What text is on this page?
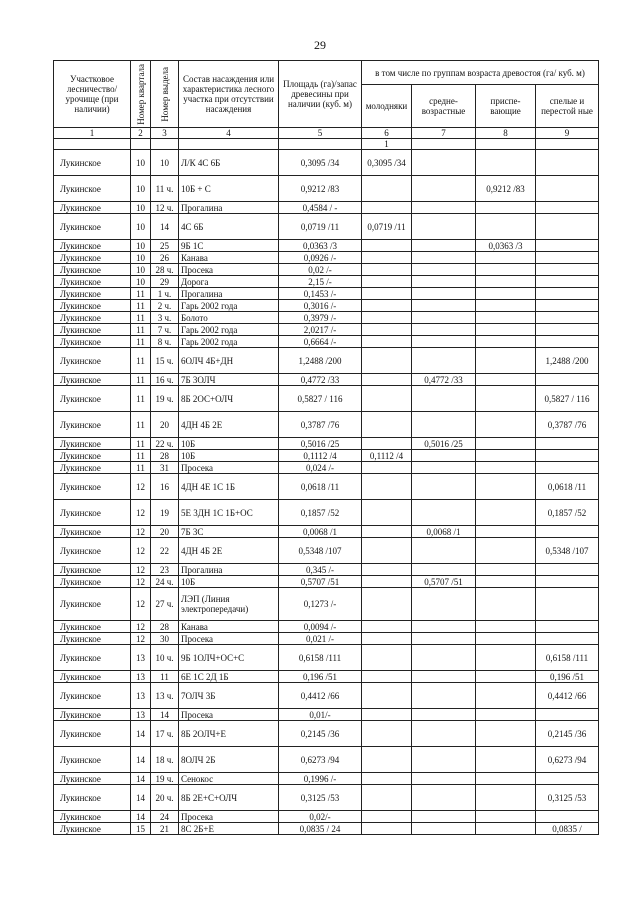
29
Участковое лесничество/ урочище (при наличии)	Номер квартала	Номер выдела	Состав насаждения или характеристика лесного участка при отсутствии насаждения	Площадь (га)/запас древесины при наличии (куб. м)	в том числе по группам возраста древостоя (га/ куб. м)			
					молодняки	средне-возрастные	приспе-вающие	спелые и перестой ные
1	2	3	4	5	6	7	8	9
					1			
Лукинское	10	10	Л/К 4С 6Б	0,3095 /34	0,3095 /34			
Лукинское	10	11 ч.	10Б + С	0,9212 /83			0,9212 /83	
Лукинское	10	12 ч.	Прогалина	0,4584 / -				
Лукинское	10	14	4С 6Б	0,0719 /11	0,0719 /11			
Лукинское	10	25	9Б 1С	0,0363 /3			0,0363 /3	
Лукинское	10	26	Канава	0,0926 /-				
Лукинское	10	28 ч.	Просека	0,02 /-				
Лукинское	10	29	Дорога	2,15 /-				
Лукинское	11	1 ч.	Прогалина	0,1453 /-				
Лукинское	11	2 ч.	Гарь 2002 года	0,3016 /-				
Лукинское	11	3 ч.	Болото	0,3979 /-				
Лукинское	11	7 ч.	Гарь 2002 года	2,0217 /-				
Лукинское	11	8 ч.	Гарь 2002 года	0,6664 /-				
Лукинское	11	15 ч.	6ОЛЧ 4Б+ДН	1,2488 /200				1,2488 /200
Лукинское	11	16 ч.	7Б 3ОЛЧ	0,4772 /33		0,4772 /33		
Лукинское	11	19 ч.	8Б 2ОС+ОЛЧ	0,5827 / 116				0,5827 / 116
Лукинское	11	20	4ДН 4Б 2Е	0,3787 /76				0,3787 /76
Лукинское	11	22 ч.	10Б	0,5016 /25		0,5016 /25		
Лукинское	11	28	10Б	0,1112 /4	0,1112 /4			
Лукинское	11	31	Просека	0,024 /-				
Лукинское	12	16	4ДН 4Е 1С 1Б	0,0618 /11				0,0618 /11
Лукинское	12	19	5Е 3ДН 1С 1Б+ОС	0,1857 /52				0,1857 /52
Лукинское	12	20	7Б 3С	0,0068 /1		0,0068 /1		
Лукинское	12	22	4ДН 4Б 2Е	0,5348 /107				0,5348 /107
Лукинское	12	23	Прогалина	0,345 /-				
Лукинское	12	24 ч.	10Б	0,5707 /51		0,5707 /51		
Лукинское	12	27 ч.	ЛЭП (Линия электропередачи)	0,1273 /-				
Лукинское	12	28	Канава	0,0094 /-				
Лукинское	12	30	Просека	0,021 /-				
Лукинское	13	10 ч.	9Б 1ОЛЧ+ОС+С	0,6158 /111				0,6158 /111
Лукинское	13	11	6Е 1С 2Д 1Б	0,196 /51				0,196 /51
Лукинское	13	13 ч.	7ОЛЧ 3Б	0,4412 /66				0,4412 /66
Лукинское	13	14	Просека	0,01/-				
Лукинское	14	17 ч.	8Б 2ОЛЧ+Е	0,2145 /36				0,2145 /36
Лукинское	14	18 ч.	8ОЛЧ 2Б	0,6273 /94				0,6273 /94
Лукинское	14	19 ч.	Сенокос	0,1996 /-				
Лукинское	14	20 ч.	8Б 2Е+С+ОЛЧ	0,3125 /53				0,3125 /53
Лукинское	14	24	Просека	0,02/-				
Лукинское	15	21	8С 2Б+Е	0,0835 / 24				0,0835 /
